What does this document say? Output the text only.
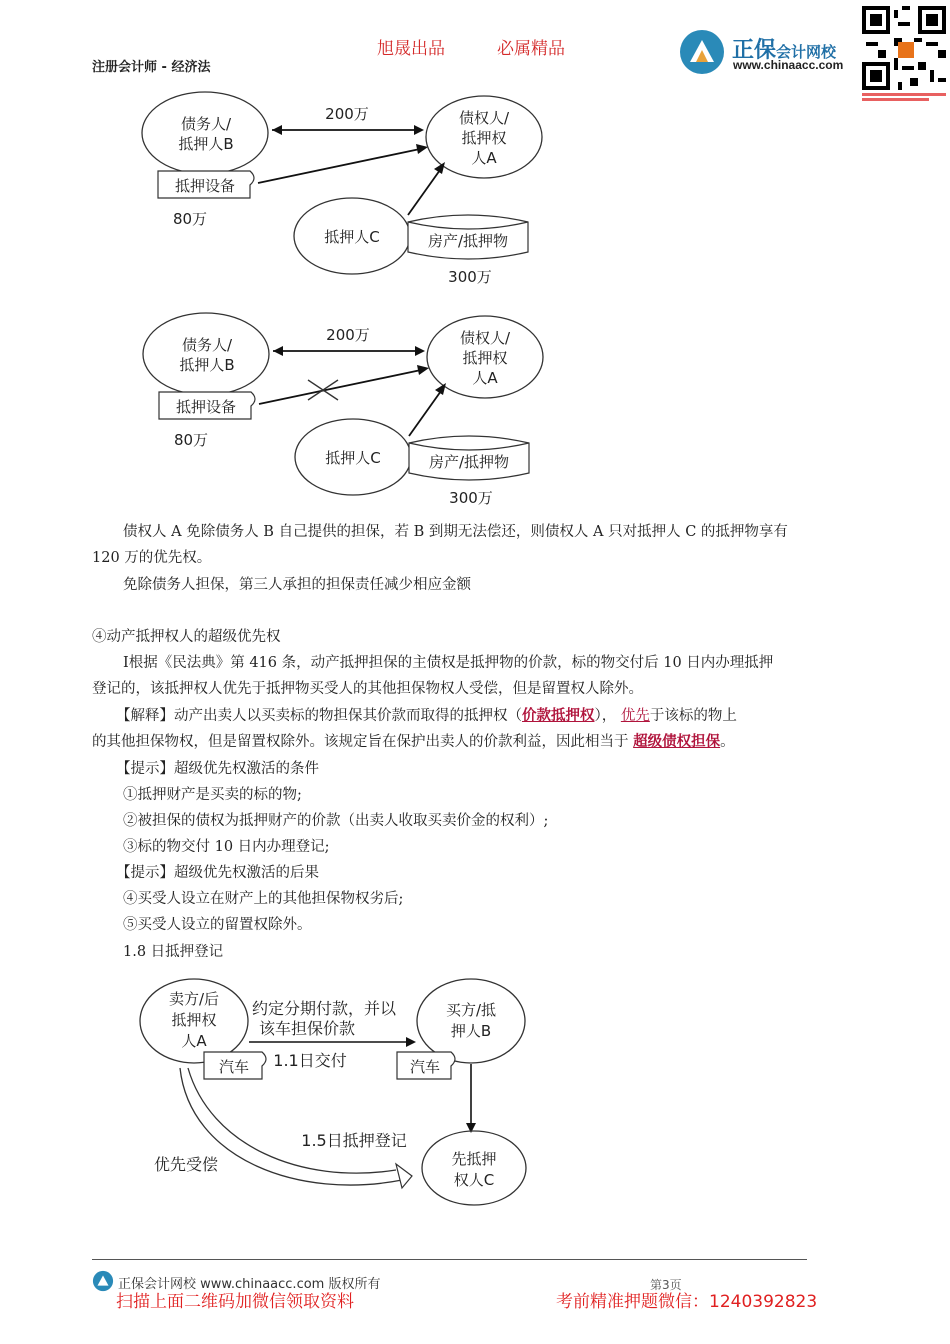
旭晟出品	必属精品
注册会计师 - 经济法
正保会计网校
www.chinaacc.com
债务人/
抵押人B
债权人/
抵押权
人A
200万
抵押设备
80万
抵押人C	房产/抵押物
300万
债务人/
抵押人B
债权人/
抵押权
人A
200万
抵押设备
80万
抵押人C	房产/抵押物
300万
债权人 A 免除债务人 B 自己提供的担保，若 B 到期无法偿还，则债权人 A 只对抵押人 C 的抵押物享有
120 万的优先权。
免除债务人担保，第三人承担的担保责任减少相应金额
④动产抵押权人的超级优先权
Ⅰ根据《民法典》第 416 条，动产抵押担保的主债权是抵押物的价款，标的物交付后 10 日内办理抵押
登记的，该抵押权人优先于抵押物买受人的其他担保物权人受偿，但是留置权人除外。
【解释】动产出卖人以买卖标的物担保其价款而取得的抵押权（价款抵押权）， 优先于该标的物上
的其他担保物权，但是留置权除外。该规定旨在保护出卖人的价款利益，因此相当于 超级债权担保。
【提示】超级优先权激活的条件
①抵押财产是买卖的标的物;
②被担保的债权为抵押财产的价款（出卖人收取买卖价金的权利）;
③标的物交付 10 日内办理登记;
【提示】超级优先权激活的后果
④买受人设立在财产上的其他担保物权劣后;
⑤买受人设立的留置权除外。
1.8 日抵押登记
卖方/后
抵押权
人A
买方/抵
押人B
约定分期付款，并以
该车担保价款
1.1日交付
汽车	汽车
先抵押
权人C
1.5日抵押登记
优先受偿
正保会计网校 www.chinaacc.com 版权所有	第3页
扫描上面二维码加微信领取资料	考前精准押题微信：1240392823
